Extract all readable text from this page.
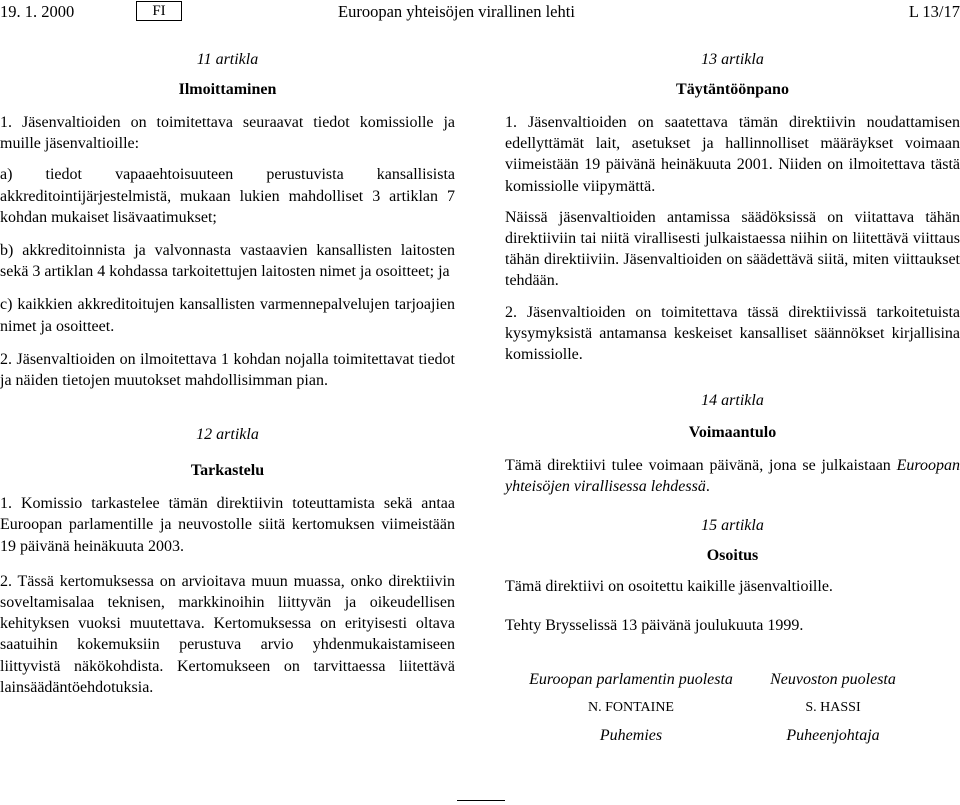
19. 1. 2000	FI	Euroopan yhteisöjen virallinen lehti	L 13/17
11 artikla
Ilmoittaminen

1. Jäsenvaltioiden on toimitettava seuraavat tiedot komissiolle ja muille jäsenvaltioille:

a) tiedot vapaaehtoisuuteen perustuvista kansallisista akkreditointijärjestelmistä, mukaan lukien mahdolliset 3 artiklan 7 kohdan mukaiset lisävaatimukset;

b) akkreditoinnista ja valvonnasta vastaavien kansallisten laitosten sekä 3 artiklan 4 kohdassa tarkoitettujen laitosten nimet ja osoitteet; ja

c) kaikkien akkreditoitujen kansallisten varmennepalvelujen tarjoajien nimet ja osoitteet.

2. Jäsenvaltioiden on ilmoitettava 1 kohdan nojalla toimitettavat tiedot ja näiden tietojen muutokset mahdollisimman pian.

12 artikla
Tarkastelu

1. Komissio tarkastelee tämän direktiivin toteuttamista sekä antaa Euroopan parlamentille ja neuvostolle siitä kertomuksen viimeistään 19 päivänä heinäkuuta 2003.

2. Tässä kertomuksessa on arvioitava muun muassa, onko direktiivin soveltamisalaa teknisen, markkinoihin liittyvän ja oikeudellisen kehityksen vuoksi muutettava. Kertomuksessa on erityisesti oltava saatuihin kokemuksiin perustuva arvio yhdenmukaistamiseen liittyvistä näkökohdista. Kertomukseen on tarvittaessa liitettävä lainsäädäntöehdotuksia.

13 artikla
Täytäntöönpano

1. Jäsenvaltioiden on saatettava tämän direktiivin noudattamisen edellyttämät lait, asetukset ja hallinnolliset määräykset voimaan viimeistään 19 päivänä heinäkuuta 2001. Niiden on ilmoitettava tästä komissiolle viipymättä.

Näissä jäsenvaltioiden antamissa säädöksissä on viitattava tähän direktiiviin tai niitä virallisesti julkaistaessa niihin on liitettävä viittaus tähän direktiiviin. Jäsenvaltioiden on säädettävä siitä, miten viittaukset tehdään.

2. Jäsenvaltioiden on toimitettava tässä direktiivissä tarkoitetuista kysymyksistä antamansa keskeiset kansalliset säännökset kirjallisina komissiolle.

14 artikla
Voimaantulo

Tämä direktiivi tulee voimaan päivänä, jona se julkaistaan Euroopan yhteisöjen virallisessa lehdessä.

15 artikla
Osoitus

Tämä direktiivi on osoitettu kaikille jäsenvaltioille.

Tehty Brysselissä 13 päivänä joulukuuta 1999.

Euroopan parlamentin puolesta
N. FONTAINE
Puhemies
Neuvoston puolesta
S. HASSI
Puheenjohtaja
